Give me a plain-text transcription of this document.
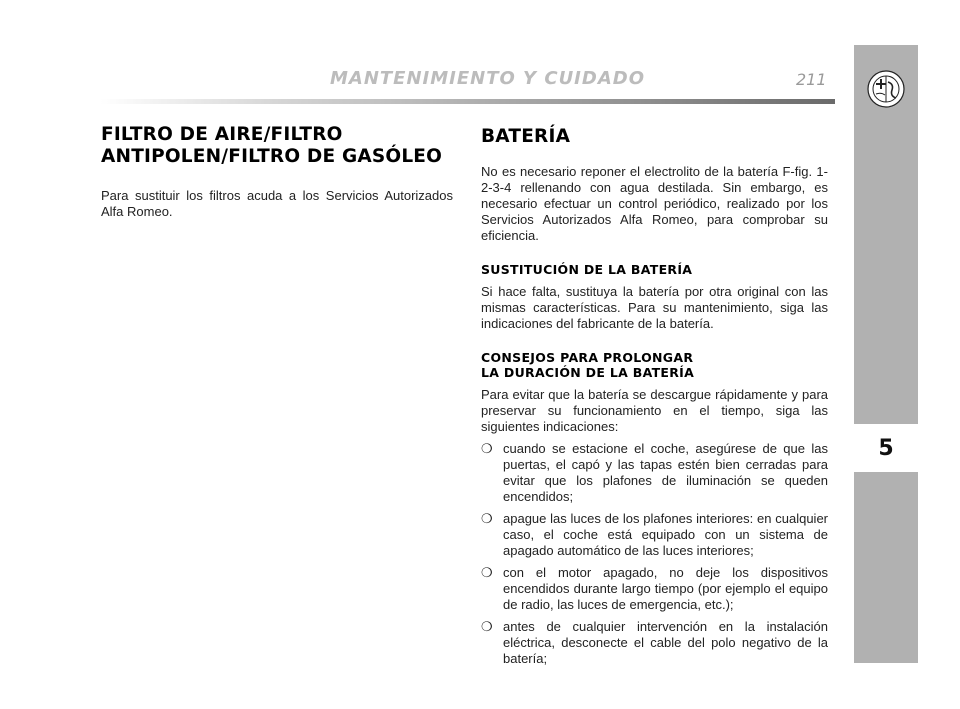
MANTENIMIENTO Y CUIDADO	211
5
FILTRO DE AIRE/FILTRO
ANTIPOLEN/FILTRO DE GASÓLEO

Para sustituir los filtros acuda a los Servicios Autorizados Alfa Romeo.

BATERÍA

No es necesario reponer el electrolito de la batería F-fig. 1-2-3-4 rellenando con agua destilada. Sin embargo, es necesario efectuar un control periódico, realizado por los Servicios Autorizados Alfa Romeo, para comprobar su eficiencia.

SUSTITUCIÓN DE LA BATERÍA

Si hace falta, sustituya la batería por otra original con las mismas características. Para su mantenimiento, siga las indicaciones del fabricante de la batería.

CONSEJOS PARA PROLONGAR
LA DURACIÓN DE LA BATERÍA

Para evitar que la batería se descargue rápidamente y para preservar su funcionamiento en el tiempo, siga las siguientes indicaciones:

❍ cuando se estacione el coche, asegúrese de que las puertas, el capó y las tapas estén bien cerradas para evitar que los plafones de iluminación se queden encendidos;
❍ apague las luces de los plafones interiores: en cualquier caso, el coche está equipado con un sistema de apagado automático de las luces interiores;
❍ con el motor apagado, no deje los dispositivos encendidos durante largo tiempo (por ejemplo el equipo de radio, las luces de emergencia, etc.);
❍ antes de cualquier intervención en la instalación eléctrica, desconecte el cable del polo negativo de la batería;
